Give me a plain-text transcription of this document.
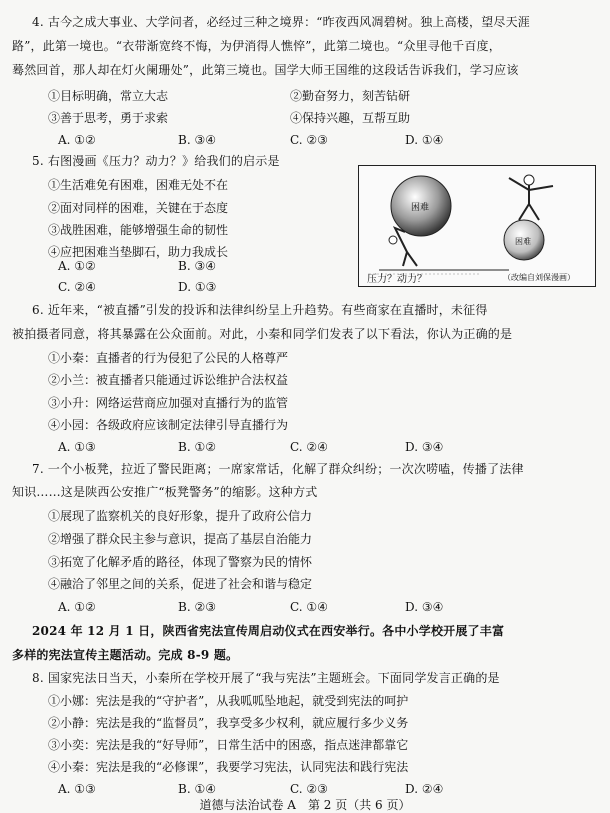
4. 古今之成大事业、大学问者，必经过三种之境界：“昨夜西风凋碧树。独上高楼，望尽天涯
路”，此第一境也。“衣带渐宽终不悔，为伊消得人憔悴”，此第二境也。“众里寻他千百度，
蓦然回首，那人却在灯火阑珊处”，此第三境也。国学大师王国维的这段话告诉我们，学习应该
①目标明确，常立大志	②勤奋努力，刻苦钻研
③善于思考，勇于求索	④保持兴趣，互帮互助
A. ①②	B. ③④	C. ②③	D. ①④
5. 右图漫画《压力？动力？》给我们的启示是
①生活难免有困难，困难无处不在
②面对同样的困难，关键在于态度
③战胜困难，能够增强生命的韧性
④应把困难当垫脚石，助力我成长
A. ①②	B. ③④
C. ②④	D. ①③
困难
困难
压力？动力？	（改编自刘保漫画）
6. 近年来，“被直播”引发的投诉和法律纠纷呈上升趋势。有些商家在直播时，未征得
被拍摄者同意，将其暴露在公众面前。对此，小秦和同学们发表了以下看法，你认为正确的是
①小秦：直播者的行为侵犯了公民的人格尊严
②小兰：被直播者只能通过诉讼维护合法权益
③小升：网络运营商应加强对直播行为的监管
④小园：各级政府应该制定法律引导直播行为
A. ①③	B. ①②	C. ②④	D. ③④
7. 一个小板凳，拉近了警民距离；一席家常话，化解了群众纠纷；一次次唠嗑，传播了法律
知识……这是陕西公安推广“板凳警务”的缩影。这种方式
①展现了监察机关的良好形象，提升了政府公信力
②增强了群众民主参与意识，提高了基层自治能力
③拓宽了化解矛盾的路径，体现了警察为民的情怀
④融洽了邻里之间的关系，促进了社会和谐与稳定
A. ①②	B. ②③	C. ①④	D. ③④
2024 年 12 月 1 日，陕西省宪法宣传周启动仪式在西安举行。各中小学校开展了丰富
多样的宪法宣传主题活动。完成 8-9 题。
8. 国家宪法日当天，小秦所在学校开展了“我与宪法”主题班会。下面同学发言正确的是
①小娜：宪法是我的“守护者”，从我呱呱坠地起，就受到宪法的呵护
②小静：宪法是我的“监督员”，我享受多少权利，就应履行多少义务
③小奕：宪法是我的“好导师”，日常生活中的困惑，指点迷津都靠它
④小秦：宪法是我的“必修课”，我要学习宪法，认同宪法和践行宪法
A. ①③	B. ①④	C. ②③	D. ②④
道德与法治试卷 A　第 2 页（共 6 页）
